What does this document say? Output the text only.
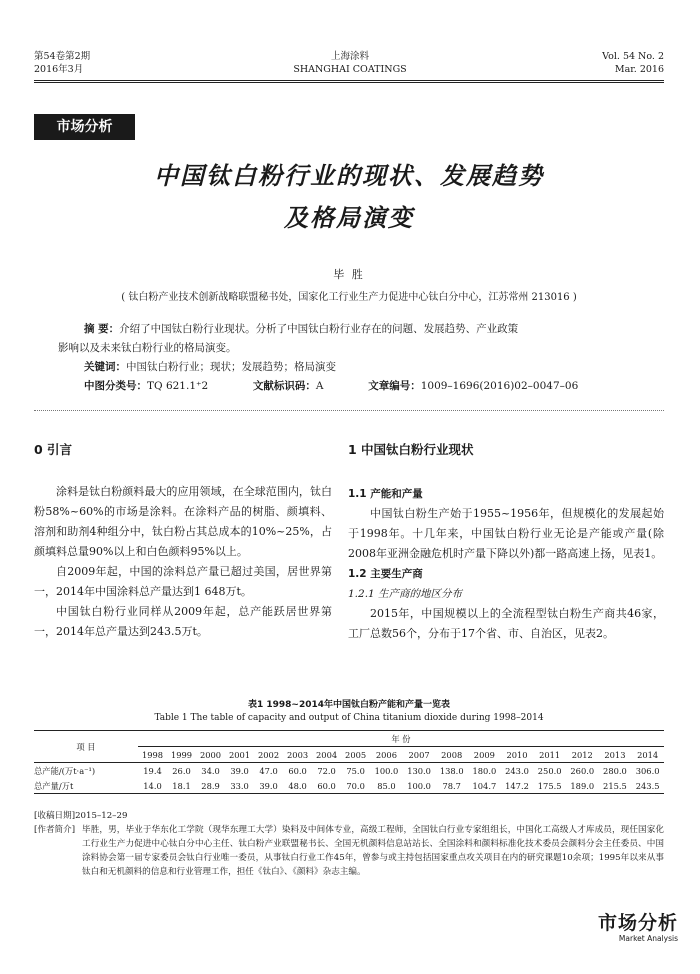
第54卷第2期
2016年3月
上海涂料
SHANGHAI COATINGS
Vol. 54 No. 2
Mar. 2016
市场分析
中国钛白粉行业的现状、发展趋势
及格局演变
毕 胜
( 钛白粉产业技术创新战略联盟秘书处，国家化工行业生产力促进中心钛白分中心，江苏常州 213016 )
摘 要：介绍了中国钛白粉行业现状。分析了中国钛白粉行业存在的问题、发展趋势、产业政策
影响以及未来钛白粉行业的格局演变。
关键词：中国钛白粉行业；现状；发展趋势；格局演变
中图分类号：TQ 621.1⁺2	文献标识码：A	文章编号：1009–1696(2016)02–0047–06
0 引言

涂料是钛白粉颜料最大的应用领域，在全球范围内，钛白粉58%~60%的市场是涂料。在涂料产品的树脂、颜填料、溶剂和助剂4种组分中，钛白粉占其总成本的10%~25%，占颜填料总量90%以上和白色颜料95%以上。

自2009年起，中国的涂料总产量已超过美国，居世界第一，2014年中国涂料总产量达到1 648万t。

中国钛白粉行业同样从2009年起，总产能跃居世界第一，2014年总产量达到243.5万t。

1 中国钛白粉行业现状
1.1 产能和产量

中国钛白粉生产始于1955~1956年，但规模化的发展起始于1998年。十几年来，中国钛白粉行业无论是产能或产量(除2008年亚洲金融危机时产量下降以外)都一路高速上扬，见表1。

1.2 主要生产商
1.2.1 生产商的地区分布

2015年，中国规模以上的全流程型钛白粉生产商共46家，工厂总数56个，分布于17个省、市、自治区，见表2。

表1 1998~2014年中国钛白粉产能和产量一览表
Table 1 The table of capacity and output of China titanium dioxide during 1998–2014
项 目	年 份																
	1998	1999	2000	2001	2002	2003	2004	2005	2006	2007	2008	2009	2010	2011	2012	2013	2014
总产能/(万t·a⁻¹)	19.4	26.0	34.0	39.0	47.0	60.0	72.0	75.0	100.0	130.0	138.0	180.0	243.0	250.0	260.0	280.0	306.0
总产量/万t	14.0	18.1	28.9	33.0	39.0	48.0	60.0	70.0	85.0	100.0	78.7	104.7	147.2	175.5	189.0	215.5	243.5
[收稿日期]2015–12–29
[作者简介] 毕胜，男，毕业于华东化工学院（现华东理工大学）染料及中间体专业，高级工程师，全国钛白行业专家组组长，中国化工高级人才库成员，现任国家化工行业生产力促进中心钛白分中心主任、钛白粉产业联盟秘书长、全国无机颜料信息站站长、全国涂料和颜料标准化技术委员会颜料分会主任委员、中国涂料协会第一届专家委员会钛白行业唯一委员，从事钛白行业工作45年，曾参与或主持包括国家重点攻关项目在内的研究课题10余项；1995年以来从事钛白和无机颜料的信息和行业管理工作，担任《钛白》、《颜料》杂志主编。
市场分析
Market Analysis
